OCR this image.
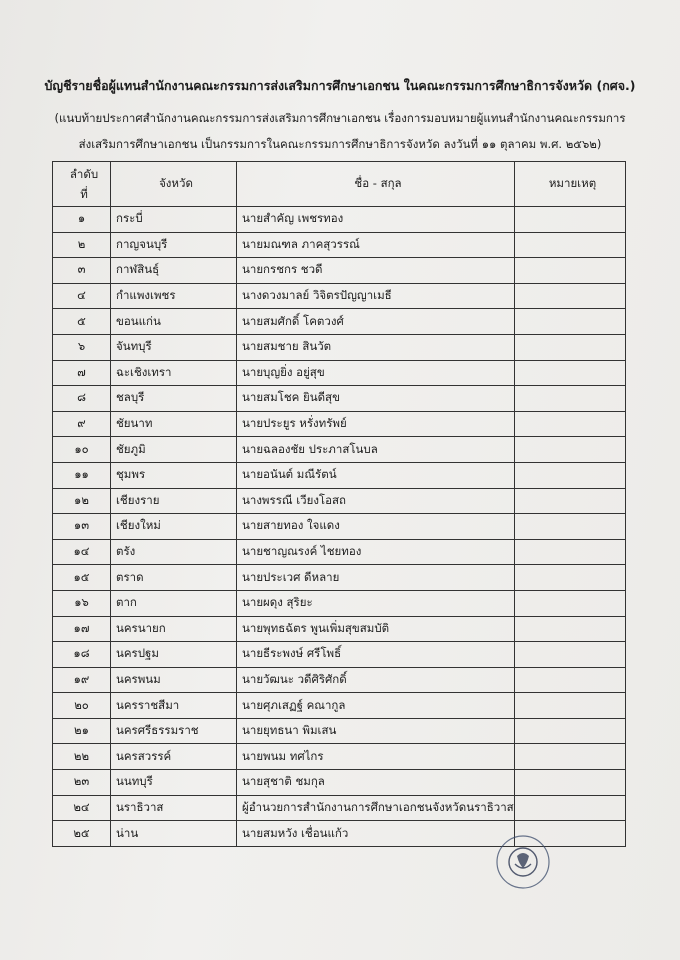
บัญชีรายชื่อผู้แทนสำนักงานคณะกรรมการส่งเสริมการศึกษาเอกชน ในคณะกรรมการศึกษาธิการจังหวัด (กศจ.)
(แนบท้ายประกาศสำนักงานคณะกรรมการส่งเสริมการศึกษาเอกชน เรื่องการมอบหมายผู้แทนสำนักงานคณะกรรมการ
ส่งเสริมการศึกษาเอกชน เป็นกรรมการในคณะกรรมการศึกษาธิการจังหวัด ลงวันที่ ๑๑ ตุลาคม พ.ศ. ๒๕๖๒)
ลำดับ
ที่	จังหวัด	ชื่อ - สกุล	หมายเหตุ
๑	กระบี่	นายสำคัญ เพชรทอง	
๒	กาญจนบุรี	นายมณฑล ภาคสุวรรณ์	
๓	กาฬสินธุ์	นายกรชกร ชวดี	
๔	กำแพงเพชร	นางดวงมาลย์ วิจิตรปัญญาเมธี	
๕	ขอนแก่น	นายสมศักดิ์ โคตวงศ์	
๖	จันทบุรี	นายสมชาย สินวัต	
๗	ฉะเชิงเทรา	นายบุญยิ่ง อยู่สุข	
๘	ชลบุรี	นายสมโชค ยินดีสุข	
๙	ชัยนาท	นายประยูร หรั่งทรัพย์	
๑๐	ชัยภูมิ	นายฉลองชัย ประภาสโนบล	
๑๑	ชุมพร	นายอนันต์ มณีรัตน์	
๑๒	เชียงราย	นางพรรณี เวียงโอสถ	
๑๓	เชียงใหม่	นายสายทอง ใจแดง	
๑๔	ตรัง	นายชาญณรงค์ ไชยทอง	
๑๕	ตราด	นายประเวศ ดีหลาย	
๑๖	ตาก	นายผดุง สุริยะ	
๑๗	นครนายก	นายพุทธฉัตร พูนเพิ่มสุขสมบัติ	
๑๘	นครปฐม	นายธีระพงษ์ ศรีโพธิ์	
๑๙	นครพนม	นายวัฒนะ วดีศิริศักดิ์	
๒๐	นครราชสีมา	นายศุภเสฏฐ์ คณากูล	
๒๑	นครศรีธรรมราช	นายยุทธนา พิมเสน	
๒๒	นครสวรรค์	นายพนม ทศไกร	
๒๓	นนทบุรี	นายสุชาติ ชมกุล	
๒๔	นราธิวาส	ผู้อำนวยการสำนักงานการศึกษาเอกชนจังหวัดนราธิวาส	
๒๕	น่าน	นายสมหวัง เชื่อนแก้ว	
